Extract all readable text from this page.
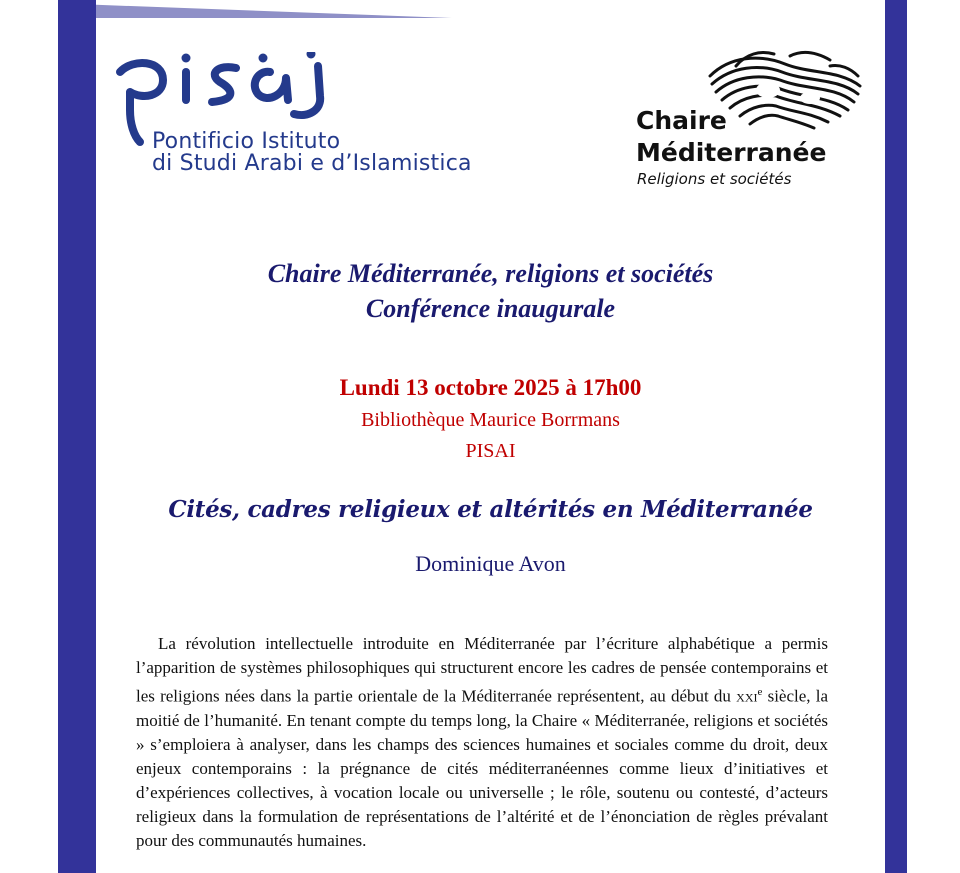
Pontificio Istituto
di Studi Arabi e d’Islamistica
Chaire
Méditerranée
Religions et sociétés
Chaire Méditerranée, religions et sociétés
Conférence inaugurale
Lundi 13 octobre 2025 à 17h00
Bibliothèque Maurice Borrmans
PISAI
Cités, cadres religieux et altérités en Méditerranée
Dominique Avon
La révolution intellectuelle introduite en Méditerranée par l’écriture alphabétique a permis l’apparition de systèmes philosophiques qui structurent encore les cadres de pensée contemporains et les religions nées dans la partie orientale de la Méditerranée représentent, au début du xxi$^e$ siècle, la moitié de l’humanité. En tenant compte du temps long, la Chaire « Méditerranée, religions et sociétés » s’emploiera à analyser, dans les champs des sciences humaines et sociales comme du droit, deux enjeux contemporains : la prégnance de cités méditerranéennes comme lieux d’initiatives et d’expériences collectives, à vocation locale ou universelle ; le rôle, soutenu ou contesté, d’acteurs religieux dans la formulation de représentations de l’altérité et de l’énonciation de règles prévalant pour des communautés humaines.
